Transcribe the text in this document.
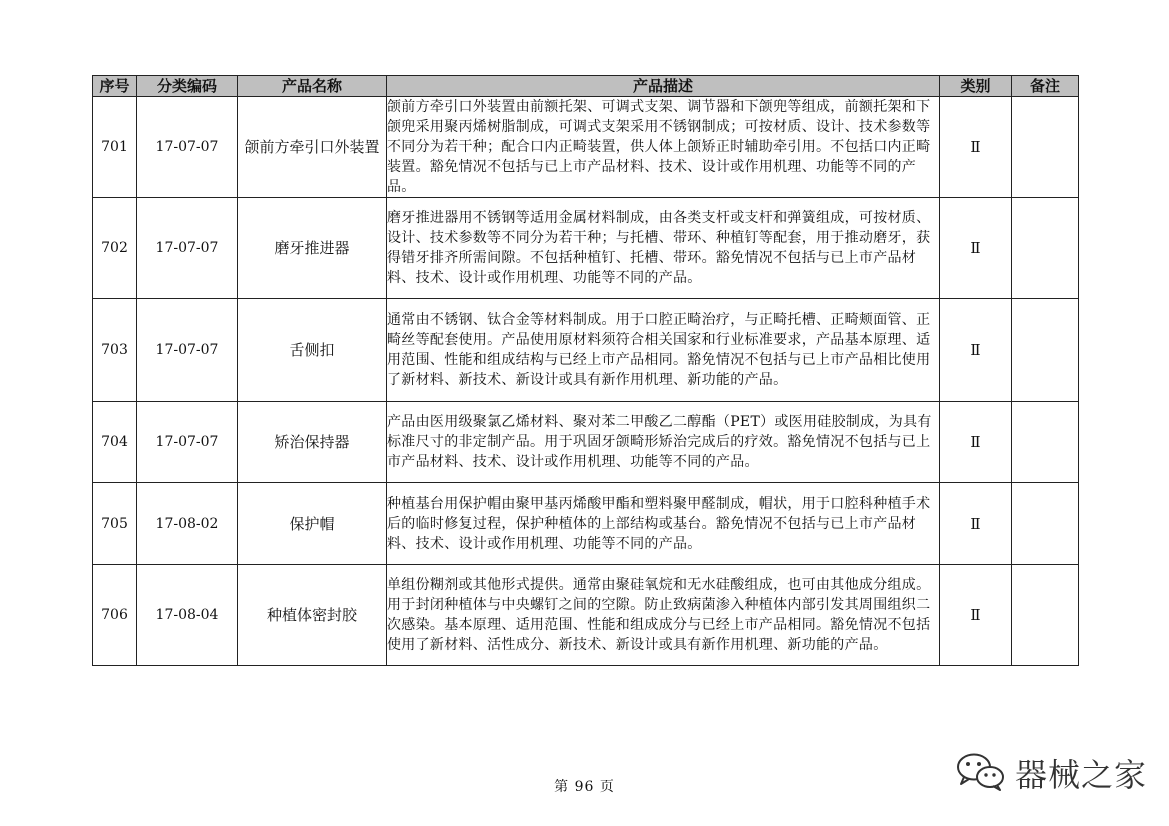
序号	分类编码	产品名称	产品描述	类别	备注
701	17-07-07	颌前方牵引口外装置	颌前方牵引口外装置由前额托架、可调式支架、调节器和下颌兜等组成，前额托架和下颌兜采用聚丙烯树脂制成，可调式支架采用不锈钢制成；可按材质、设计、技术参数等不同分为若干种；配合口内正畸装置，供人体上颌矫正时辅助牵引用。不包括口内正畸装置。豁免情况不包括与已上市产品材料、技术、设计或作用机理、功能等不同的产品。	Ⅱ	
702	17-07-07	磨牙推进器	磨牙推进器用不锈钢等适用金属材料制成，由各类支杆或支杆和弹簧组成，可按材质、设计、技术参数等不同分为若干种；与托槽、带环、种植钉等配套，用于推动磨牙，获得错牙排齐所需间隙。不包括种植钉、托槽、带环。豁免情况不包括与已上市产品材料、技术、设计或作用机理、功能等不同的产品。	Ⅱ	
703	17-07-07	舌侧扣	通常由不锈钢、钛合金等材料制成。用于口腔正畸治疗，与正畸托槽、正畸颊面管、正畸丝等配套使用。产品使用原材料须符合相关国家和行业标准要求，产品基本原理、适用范围、性能和组成结构与已经上市产品相同。豁免情况不包括与已上市产品相比使用了新材料、新技术、新设计或具有新作用机理、新功能的产品。	Ⅱ	
704	17-07-07	矫治保持器	产品由医用级聚氯乙烯材料、聚对苯二甲酸乙二醇酯（PET）或医用硅胶制成，为具有标准尺寸的非定制产品。用于巩固牙颌畸形矫治完成后的疗效。豁免情况不包括与已上市产品材料、技术、设计或作用机理、功能等不同的产品。	Ⅱ	
705	17-08-02	保护帽	种植基台用保护帽由聚甲基丙烯酸甲酯和塑料聚甲醛制成，帽状，用于口腔科种植手术后的临时修复过程，保护种植体的上部结构或基台。豁免情况不包括与已上市产品材料、技术、设计或作用机理、功能等不同的产品。	Ⅱ	
706	17-08-04	种植体密封胶	单组份糊剂或其他形式提供。通常由聚硅氧烷和无水硅酸组成，也可由其他成分组成。用于封闭种植体与中央螺钉之间的空隙。防止致病菌渗入种植体内部引发其周围组织二次感染。基本原理、适用范围、性能和组成成分与已经上市产品相同。豁免情况不包括使用了新材料、活性成分、新技术、新设计或具有新作用机理、新功能的产品。	Ⅱ	
第 96 页	器械之家
